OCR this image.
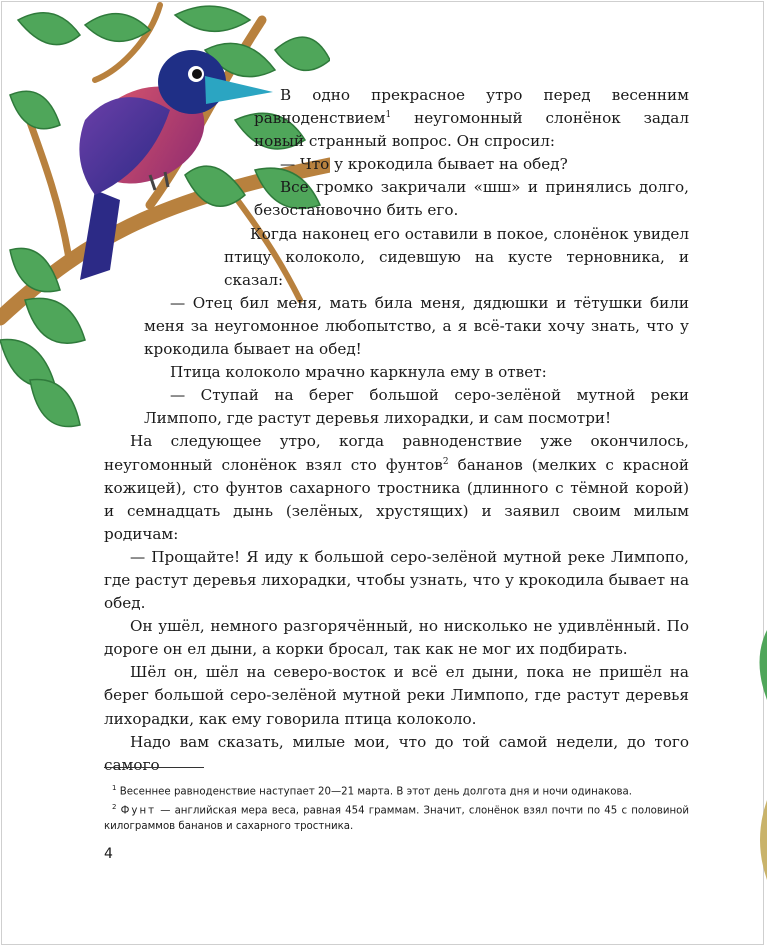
В одно прекрасное утро перед весенним равноденствием$^1$ неугомонный слонёнок задал новый странный вопрос. Он спросил:

— Что у крокодила бывает на обед?

Все громко закричали «шш» и принялись долго, безостановочно бить его.

Когда наконец его оставили в покое, слонёнок увидел птицу колоколо, сидевшую на кусте терновника, и сказал:

— Отец бил меня, мать била меня, дядюшки и тётушки били меня за неугомонное любопытство, а я всё-таки хочу знать, что у крокодила бывает на обед!

Птица колоколо мрачно каркнула ему в ответ:

— Ступай на берег большой серо-зелёной мутной реки Лимпопо, где растут деревья лихорадки, и сам посмотри!

На следующее утро, когда равноденствие уже окончилось, неугомонный слонёнок взял сто фунтов$^2$ бананов (мелких с красной кожицей), сто фунтов сахарного тростника (длинного с тёмной корой) и семнадцать дынь (зелёных, хрустящих) и заявил своим милым родичам:

— Прощайте! Я иду к большой серо-зелёной мутной реке Лимпопо, где растут деревья лихорадки, чтобы узнать, что у крокодила бывает на обед.

Он ушёл, немного разгорячённый, но нисколько не удивлённый. По дороге он ел дыни, а корки бросал, так как не мог их подбирать.

Шёл он, шёл на северо-восток и всё ел дыни, пока не пришёл на берег большой серо-зелёной мутной реки Лимпопо, где растут деревья лихорадки, как ему говорила птица колоколо.

Надо вам сказать, милые мои, что до той самой недели, до того самого

$^1$ Весеннее равноденствие наступает 20—21 марта. В этот день долгота дня и ночи одинакова.

$^2$ Фунт — английская мера веса, равная 454 граммам. Значит, слонёнок взял почти по 45 с половиной килограммов бананов и сахарного тростника.

4
